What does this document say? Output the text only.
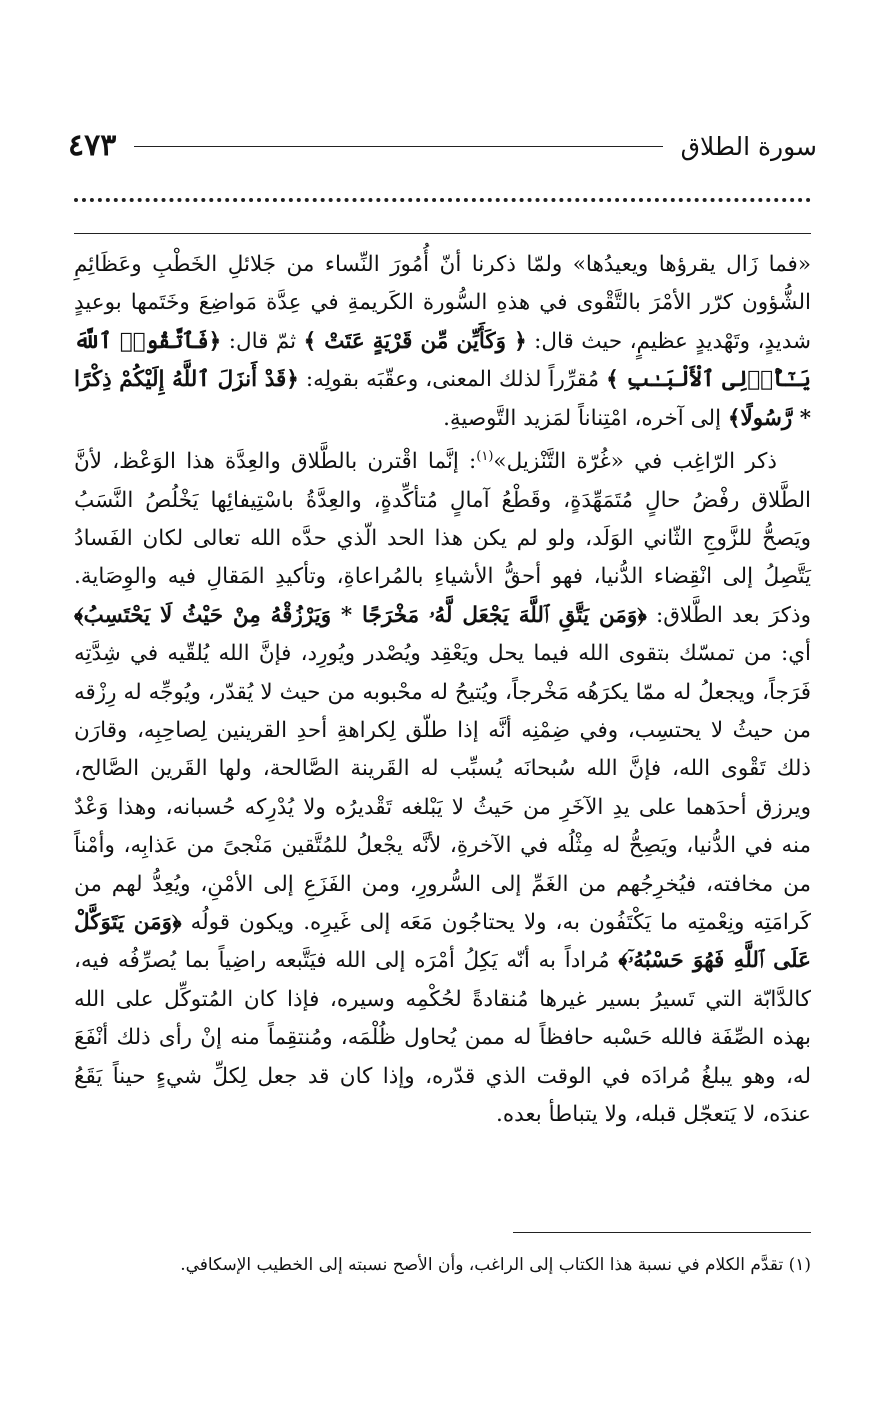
سورة الطلاق
٤٧٣

«فما زَال يقرؤها ويعيدُها» ولمّا ذكرنا أنّ أُمُورَ النِّساء من جَلائلِ الخَطْبِ وعَظَائِمِ الشُّؤون كرّر الأمْرَ بالتَّقْوى في هذهِ السُّورة الكَريمةِ في عِدَّة مَواضِعَ وخَتَمها بوعيدٍ شديدٍ، وتَهْديدٍ عظيمٍ، حيث قال: ﴿ وَكَأَيِّن مِّن قَرْيَةٍ عَتَتْ ﴾ ثمّ قال: ﴿فَٱتَّقُوا۟ ٱللَّهَ يَـٰٓأُو۟لِى ٱلْأَلْبَـٰبِ ﴾ مُقرِّراً لذلك المعنى، وعقّبَه بقولِه: ﴿قَدْ أَنزَلَ ٱللَّهُ إِلَيْكُمْ ذِكْرًا * رَّسُولًا﴾ إلى آخره، امْتِناناً لمَزيد التَّوصيةِ.

ذكر الرّاغِب في «غُرّة التَّنْزيل»$^{(١)}$: إنَّما اقْترن بالطَّلاق والعِدَّة هذا الوَعْظ، لأنَّ الطَّلاق رفْضُ حالٍ مُتَمَهِّدَةٍ، وقَطْعُ آمالٍ مُتأكِّدةٍ، والعِدَّةُ باسْتِيفائِها يَخْلُصُ النَّسَبُ ويَصحُّ للزَّوجِ الثّاني الوَلَد، ولو لم يكن هذا الحد الّذي حدَّه الله تعالى لكان الفَسادُ يَتَّصِلُ إلى انْقِضاء الدُّنيا، فهو أحقُّ الأشياءِ بالمُراعاةِ، وتأكيدِ المَقالِ فيه والوِصَاية. وذكرَ بعد الطَّلاق: ﴿وَمَن يَتَّقِ ٱللَّهَ يَجْعَل لَّهُۥ مَخْرَجًا * وَيَرْزُقْهُ مِنْ حَيْثُ لَا يَحْتَسِبُ﴾ أي: من تمسّك بتقوى الله فيما يحل ويَعْقِد ويُصْدر ويُورِد، فإنَّ الله يُلقّيه في شِدَّتِه فَرَجاً، ويجعلُ له ممّا يكرَهُه مَخْرجاً، ويُتيحُ له محْبوبه من حيث لا يُقدّر، ويُوجِّه له رِزْقه من حيثُ لا يحتسِب، وفي ضِمْنِه أنَّه إذا طلّق لِكراهةِ أحدِ القرينين لِصاحِبِه، وقارَن ذلك تَقْوى الله، فإنَّ الله سُبحانَه يُسبِّب له القَرينة الصَّالحة، ولها القَرين الصَّالح، ويرزق أحدَهما على يدِ الآخَرِ من حَيثُ لا يَبْلغه تَقْديرُه ولا يُدْرِكه حُسبانه، وهذا وَعْدٌ منه في الدُّنيا، ويَصِحُّ له مِثْلُه في الآخرةِ، لأنَّه يجْعلُ للمُتَّقين مَنْجىً من عَذابِه، وأمْناً من مخافته، فيُخرِجُهم من الغَمِّ إلى السُّرورِ، ومن الفَزَعِ إلى الأمْنِ، ويُعِدُّ لهم من كَرامَتِه ونِعْمتِه ما يَكْتَفُون به، ولا يحتاجُون مَعَه إلى غَيرِه. ويكون قولُه ﴿وَمَن يَتَوَكَّلْ عَلَى ٱللَّهِ فَهُوَ حَسْبُهُۥٓ﴾ مُراداً به أنّه يَكِلُ أمْرَه إلى الله فيَتَّبعه راضِياً بما يُصرِّفُه فيه، كالدَّابّة التي تَسيرُ بسير غيرها مُنقادةً لحُكْمِه وسيره، فإذا كان المُتوكِّل على الله بهذه الصِّفَة فالله حَسْبه حافظاً له ممن يُحاول ظُلْمَه، ومُنتقِماً منه إنْ رأى ذلك أنْفَعَ له، وهو يبلغُ مُرادَه في الوقت الذي قدّره، وإذا كان قد جعل لِكلِّ شيءٍ حيناً يَقَعُ عندَه، لا يَتعجّل قبله، ولا يتباطأ بعده.

(١) تقدَّم الكلام في نسبة هذا الكتاب إلى الراغب، وأن الأصح نسبته إلى الخطيب الإسكافي.
